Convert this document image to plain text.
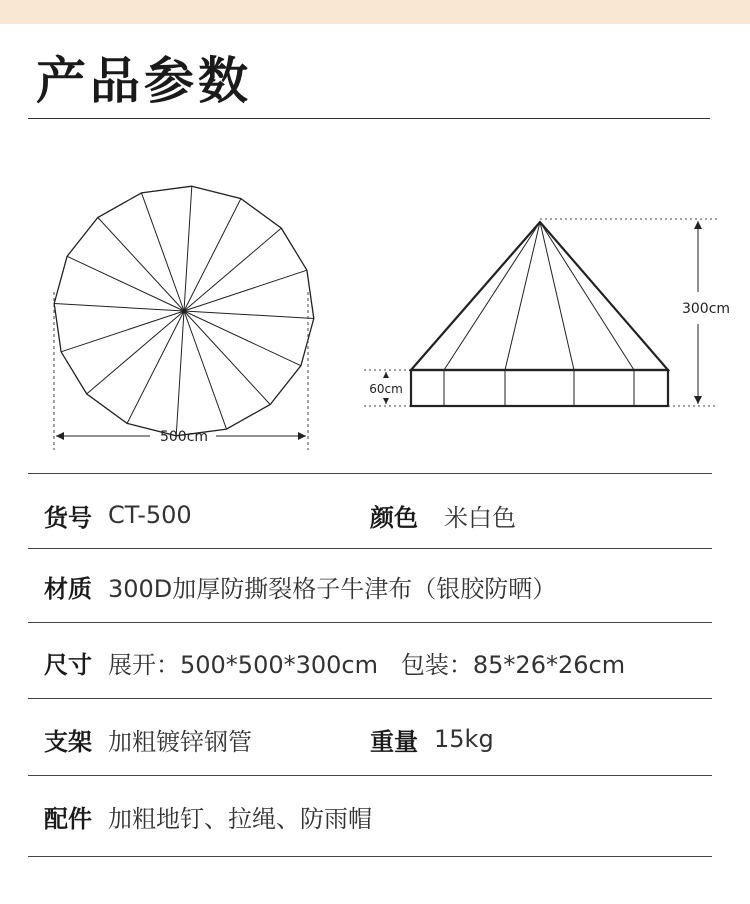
产品参数
500cm
300cm
60cm
货号 CT-500	颜色 米白色
材质 300D加厚防撕裂格子牛津布（银胶防晒）
尺寸 展开：500*500*300cm   包装：85*26*26cm
支架 加粗镀锌钢管	重量 15kg
配件 加粗地钉、拉绳、防雨帽
